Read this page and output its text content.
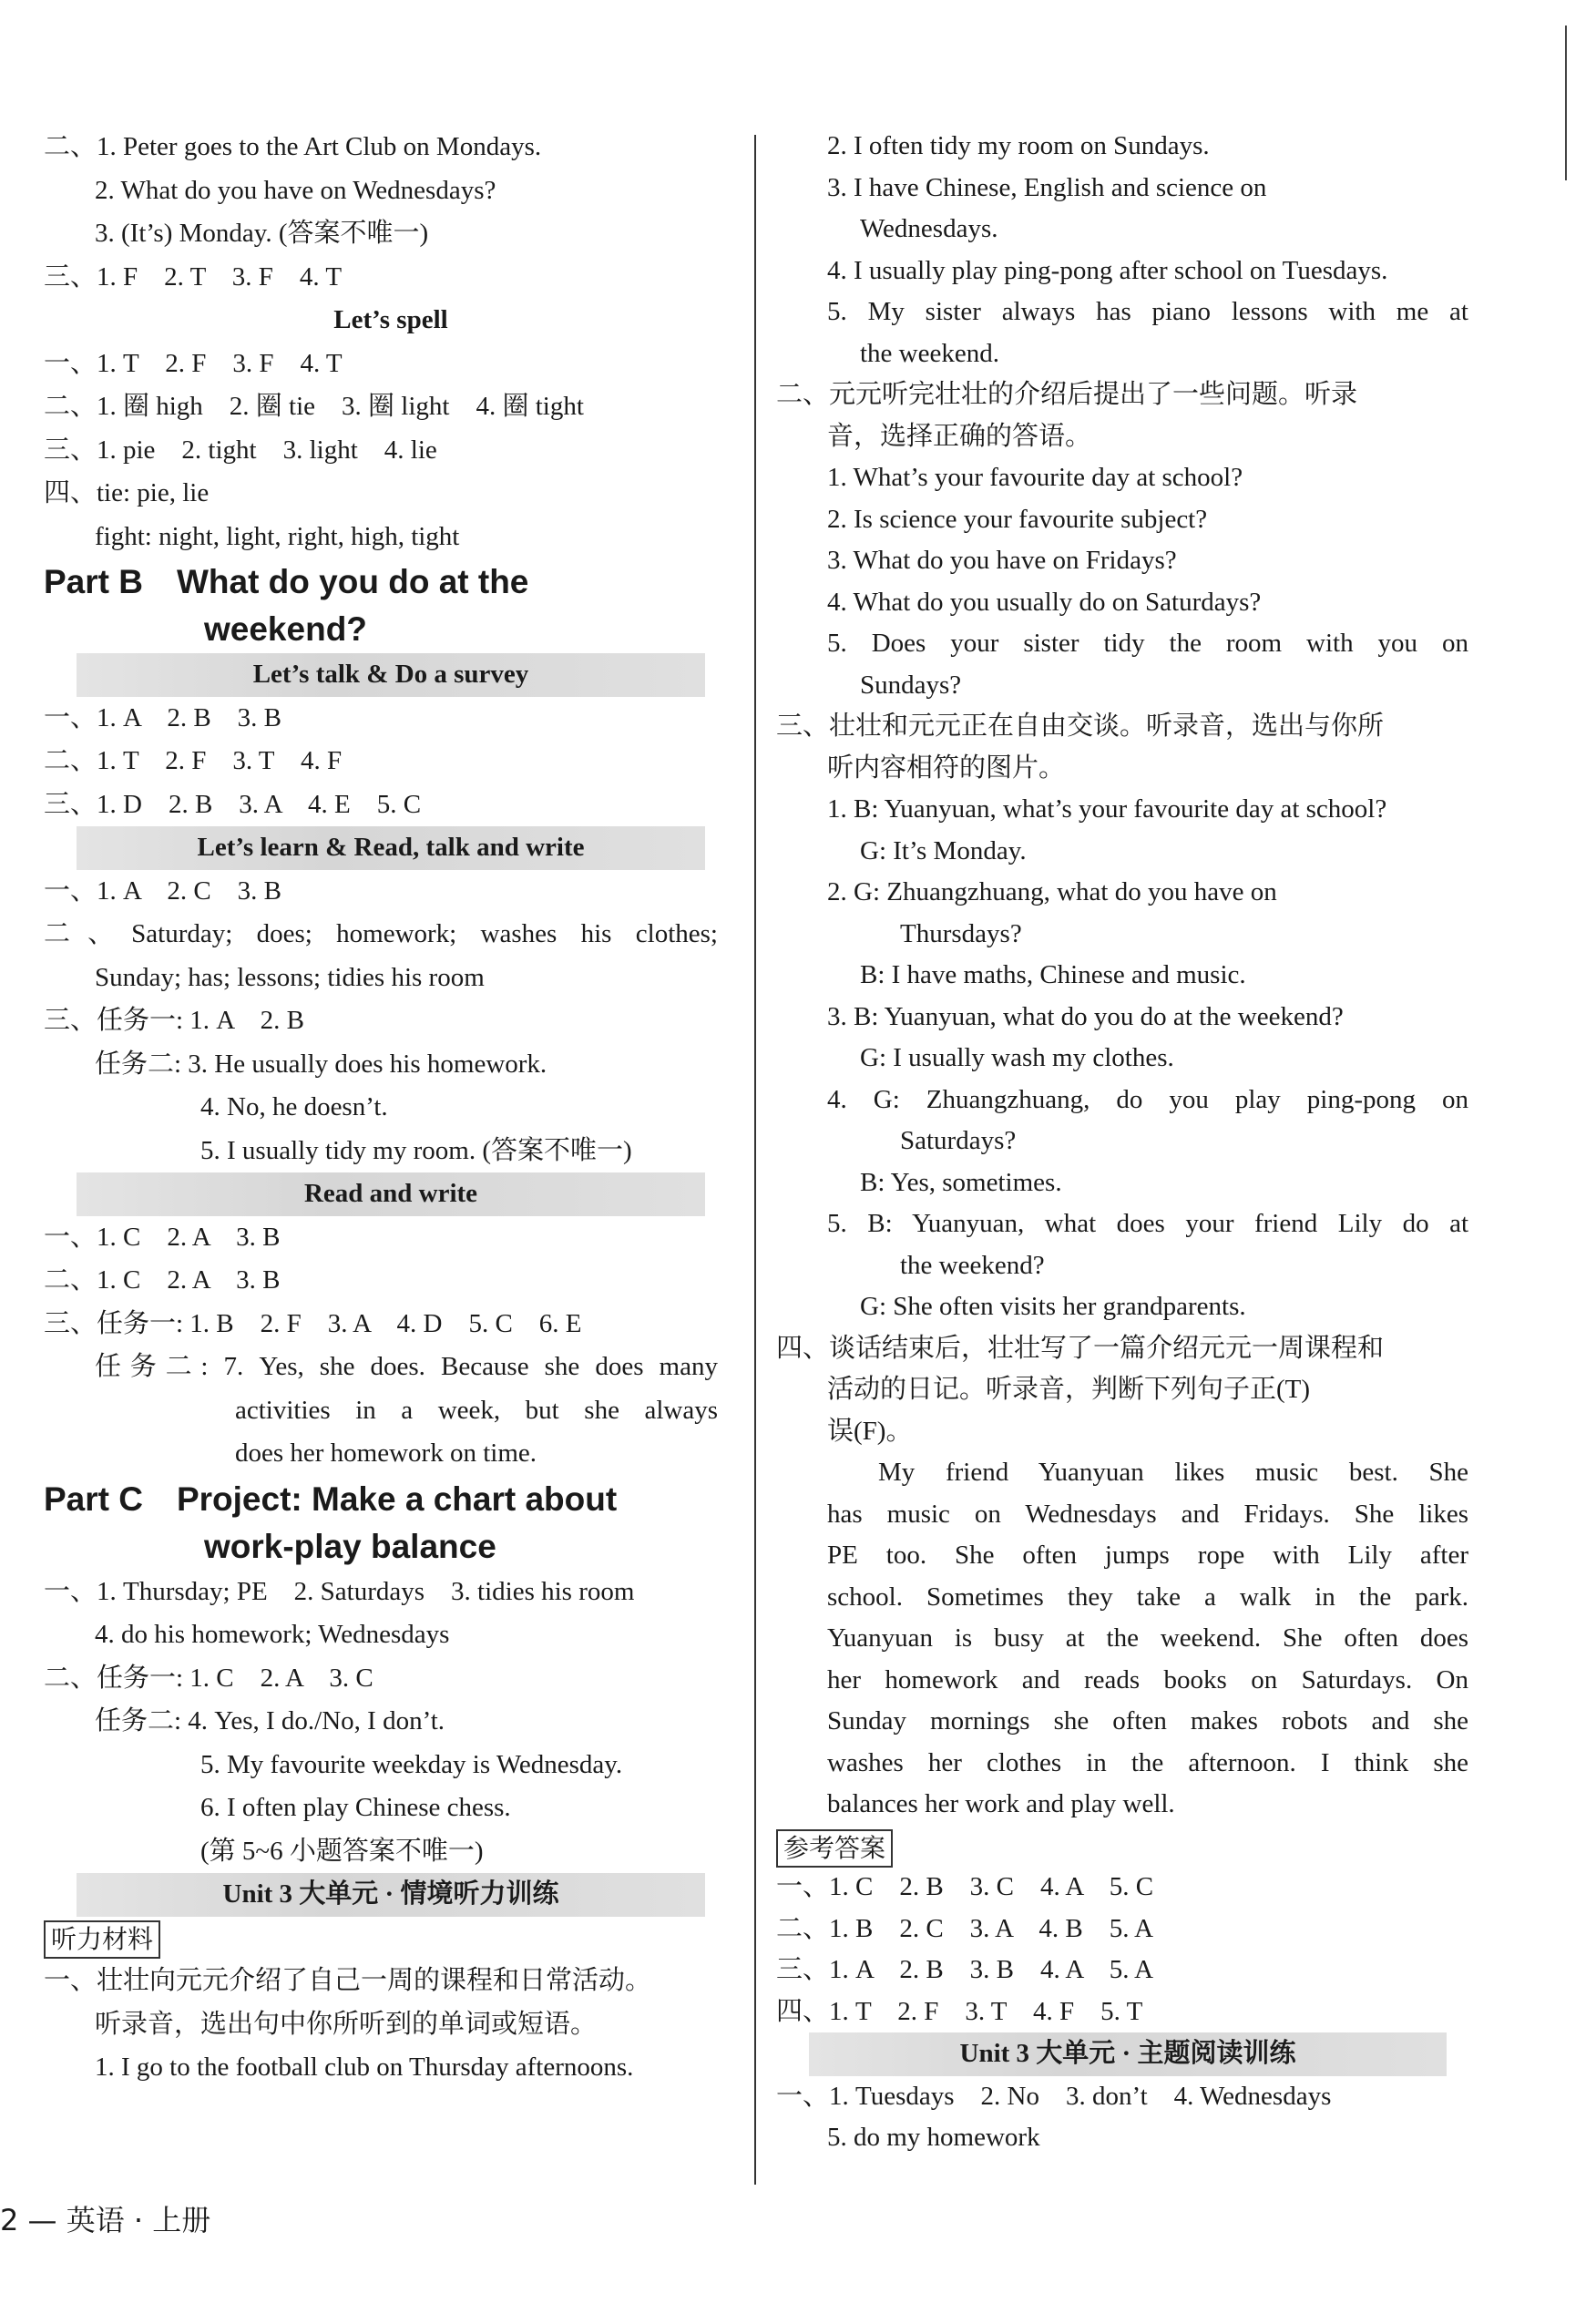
二、1. Peter goes to the Art Club on Mondays.
2. What do you have on Wednesdays?
3. (It’s) Monday. (答案不唯一)
三、1. F　2. T　3. F　4. T
Let’s spell
一、1. T　2. F　3. F　4. T
二、1. 圈 high　2. 圈 tie　3. 圈 light　4. 圈 tight
三、1. pie　2. tight　3. light　4. lie
四、tie: pie, lie
fight: night, light, right, high, tight
Part B　What do you do at the
weekend?
Let’s talk & Do a survey
一、1. A　2. B　3. B
二、1. T　2. F　3. T　4. F
三、1. D　2. B　3. A　4. E　5. C
Let’s learn & Read, talk and write
一、1. A　2. C　3. B
二、Saturday; does; homework; washes his clothes;
Sunday; has; lessons; tidies his room
三、任务一: 1. A　2. B
任务二: 3. He usually does his homework.
4. No, he doesn’t.
5. I usually tidy my room. (答案不唯一)
Read and write
一、1. C　2. A　3. B
二、1. C　2. A　3. B
三、任务一: 1. B　2. F　3. A　4. D　5. C　6. E
任务二: 7. Yes, she does. Because she does many
activities in a week, but she always
does her homework on time.
Part C　Project: Make a chart about
work-play balance
一、1. Thursday; PE　2. Saturdays　3. tidies his room
4. do his homework; Wednesdays
二、任务一: 1. C　2. A　3. C
任务二: 4. Yes, I do./No, I don’t.
5. My favourite weekday is Wednesday.
6. I often play Chinese chess.
(第 5~6 小题答案不唯一)
Unit 3 大单元 · 情境听力训练
听力材料
一、壮壮向元元介绍了自己一周的课程和日常活动。
听录音，选出句中你所听到的单词或短语。
1. I go to the football club on Thursday afternoons.
2. I often tidy my room on Sundays.
3. I have Chinese, English and science on
Wednesdays.
4. I usually play ping-pong after school on Tuesdays.
5. My sister always has piano lessons with me at
the weekend.
二、元元听完壮壮的介绍后提出了一些问题。听录
音，选择正确的答语。
1. What’s your favourite day at school?
2. Is science your favourite subject?
3. What do you have on Fridays?
4. What do you usually do on Saturdays?
5. Does your sister tidy the room with you on
Sundays?
三、壮壮和元元正在自由交谈。听录音，选出与你所
听内容相符的图片。
1. B: Yuanyuan, what’s your favourite day at school?
G: It’s Monday.
2. G: Zhuangzhuang, what do you have on
Thursdays?
B: I have maths, Chinese and music.
3. B: Yuanyuan, what do you do at the weekend?
G: I usually wash my clothes.
4. G: Zhuangzhuang, do you play ping-pong on
Saturdays?
B: Yes, sometimes.
5. B: Yuanyuan, what does your friend Lily do at
the weekend?
G: She often visits her grandparents.
四、谈话结束后，壮壮写了一篇介绍元元一周课程和
活动的日记。听录音，判断下列句子正(T)
误(F)。
My friend Yuanyuan likes music best. She
has music on Wednesdays and Fridays. She likes
PE too. She often jumps rope with Lily after
school. Sometimes they take a walk in the park.
Yuanyuan is busy at the weekend. She often does
her homework and reads books on Saturdays. On
Sunday mornings she often makes robots and she
washes her clothes in the afternoon. I think she
balances her work and play well.
参考答案
一、1. C　2. B　3. C　4. A　5. C
二、1. B　2. C　3. A　4. B　5. A
三、1. A　2. B　3. B　4. A　5. A
四、1. T　2. F　3. T　4. F　5. T
Unit 3 大单元 · 主题阅读训练
一、1. Tuesdays　2. No　3. don’t　4. Wednesdays
5. do my homework
2 — 英语 · 上册
